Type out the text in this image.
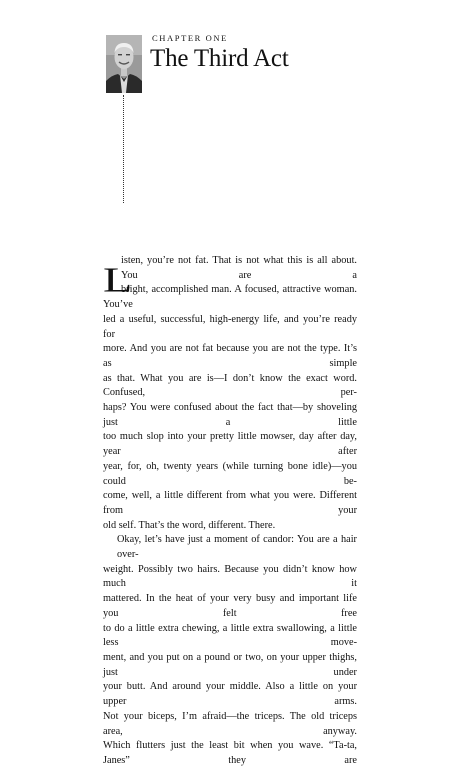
CHAPTER ONE
The Third Act
L

isten, you’re not fat. That is not what this is all about. You are a

bright, accomplished man. A focused, attractive woman. You’ve

led a useful, successful, high-energy life, and you’re ready for

more. And you are not fat because you are not the type. It’s as simple

as that. What you are is—I don’t know the exact word. Confused, per-

haps? You were confused about the fact that—by shoveling just a little

too much slop into your pretty little mowser, day after day, year after

year, for, oh, twenty years (while turning bone idle)—you could be-

come, well, a little different from what you were. Different from your

old self. That’s the word, different. There.

Okay, let’s have just a moment of candor: You are a hair over-

weight. Possibly two hairs. Because you didn’t know how much it

mattered. In the heat of your very busy and important life you felt free

to do a little extra chewing, a little extra swallowing, a little less move-

ment, and you put on a pound or two, on your upper thighs, just under

your butt. And around your middle. Also a little on your upper arms.

Not your biceps, I’m afraid—the triceps. The old triceps area, anyway.

Which flutters just the least bit when you wave. “Ta-ta, Janes” they are
